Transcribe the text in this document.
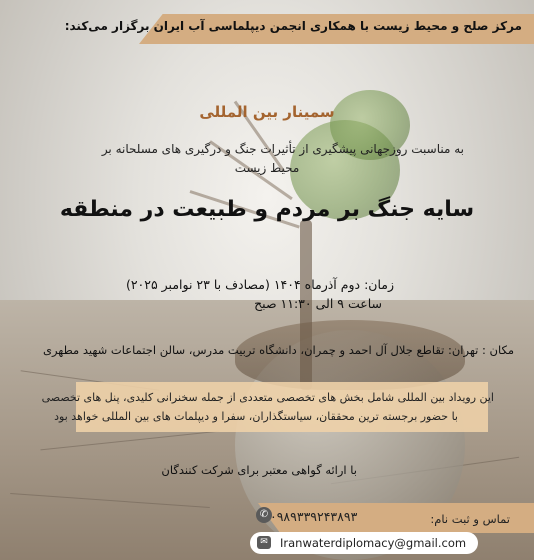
مرکز صلح و محیط زیست با همکاری انجمن دیپلماسی آب ایران برگزار می‌کند:
سمینار بین المللی
به مناسبت روزجهانی پیشگیری از تأثیرات جنگ و درگیری های مسلحانه بر
محیط زیست
سایه جنگ بر مردم و طبیعت در منطقه
زمان: دوم آذرماه ۱۴۰۴ (مصادف با ۲۳ نوامبر ۲۰۲۵)
ساعت ۹ الی ۱۱:۳۰ صبح
مکان : تهران: تقاطع جلال آل احمد و چمران، دانشگاه تربیت مدرس، سالن اجتماعات شهید مطهری
این رویداد بین المللی شامل بخش های تخصصی متعددی از جمله سخنرانی کلیدی، پنل های تخصصی
با حضور برجسته ترین محققان، سیاستگذاران، سفرا و دیپلمات های بین المللی خواهد بود
با ارائه گواهی معتبر برای شرکت کنندگان
تماس و ثبت نام:
✆ ۰۹۸۹۳۳۹۲۴۳۸۹۳
✉ Iranwaterdiplomacy@gmail.com
